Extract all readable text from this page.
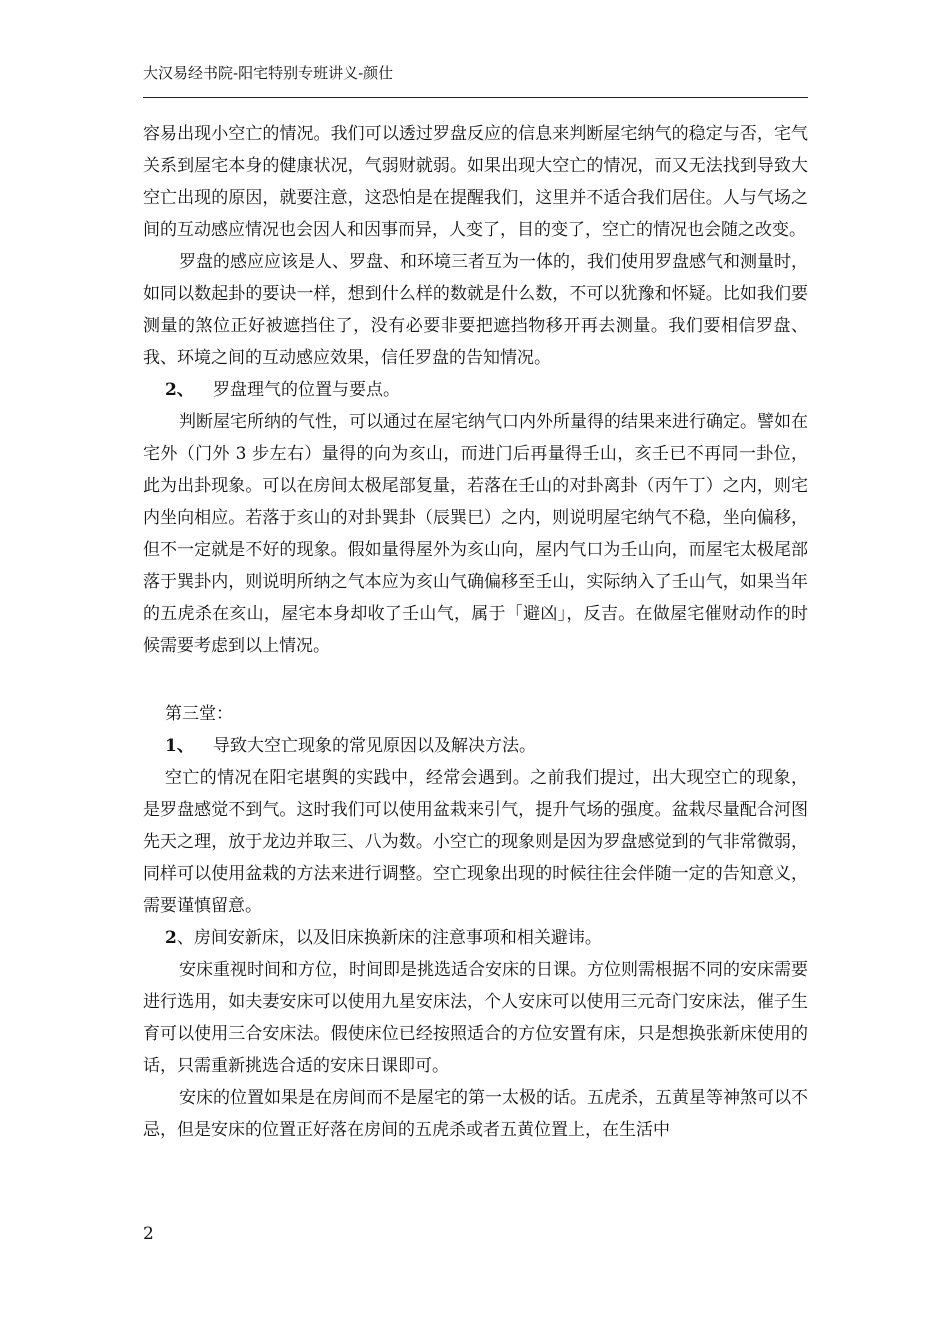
大汉易经书院-阳宅特别专班讲义-颜仕

容易出现小空亡的情况。我们可以透过罗盘反应的信息来判断屋宅纳气的稳定与否，宅气关系到屋宅本身的健康状况，气弱财就弱。如果出现大空亡的情况，而又无法找到导致大空亡出现的原因，就要注意，这恐怕是在提醒我们，这里并不适合我们居住。人与气场之间的互动感应情况也会因人和因事而异，人变了，目的变了，空亡的情况也会随之改变。

罗盘的感应应该是人、罗盘、和环境三者互为一体的，我们使用罗盘感气和测量时，如同以数起卦的要诀一样，想到什么样的数就是什么数，不可以犹豫和怀疑。比如我们要测量的煞位正好被遮挡住了，没有必要非要把遮挡物移开再去测量。我们要相信罗盘、我、环境之间的互动感应效果，信任罗盘的告知情况。

2、 罗盘理气的位置与要点。

判断屋宅所纳的气性，可以通过在屋宅纳气口内外所量得的结果来进行确定。譬如在宅外（门外 3 步左右）量得的向为亥山，而进门后再量得壬山，亥壬已不再同一卦位，此为出卦现象。可以在房间太极尾部复量，若落在壬山的对卦离卦（丙午丁）之内，则宅内坐向相应。若落于亥山的对卦巽卦（辰巽巳）之内，则说明屋宅纳气不稳，坐向偏移，但不一定就是不好的现象。假如量得屋外为亥山向，屋内气口为壬山向，而屋宅太极尾部落于巽卦内，则说明所纳之气本应为亥山气确偏移至壬山，实际纳入了壬山气，如果当年的五虎杀在亥山，屋宅本身却收了壬山气，属于「避凶」，反吉。在做屋宅催财动作的时候需要考虑到以上情况。

第三堂：

1、 导致大空亡现象的常见原因以及解决方法。

空亡的情况在阳宅堪舆的实践中，经常会遇到。之前我们提过，出大现空亡的现象，是罗盘感觉不到气。这时我们可以使用盆栽来引气，提升气场的强度。盆栽尽量配合河图先天之理，放于龙边并取三、八为数。小空亡的现象则是因为罗盘感觉到的气非常微弱，同样可以使用盆栽的方法来进行调整。空亡现象出现的时候往往会伴随一定的告知意义，需要谨慎留意。

2、房间安新床，以及旧床换新床的注意事项和相关避讳。

安床重视时间和方位，时间即是挑选适合安床的日课。方位则需根据不同的安床需要进行选用，如夫妻安床可以使用九星安床法，个人安床可以使用三元奇门安床法，催子生育可以使用三合安床法。假使床位已经按照适合的方位安置有床，只是想换张新床使用的话，只需重新挑选合适的安床日课即可。

安床的位置如果是在房间而不是屋宅的第一太极的话。五虎杀，五黄星等神煞可以不忌，但是安床的位置正好落在房间的五虎杀或者五黄位置上，在生活中

2
